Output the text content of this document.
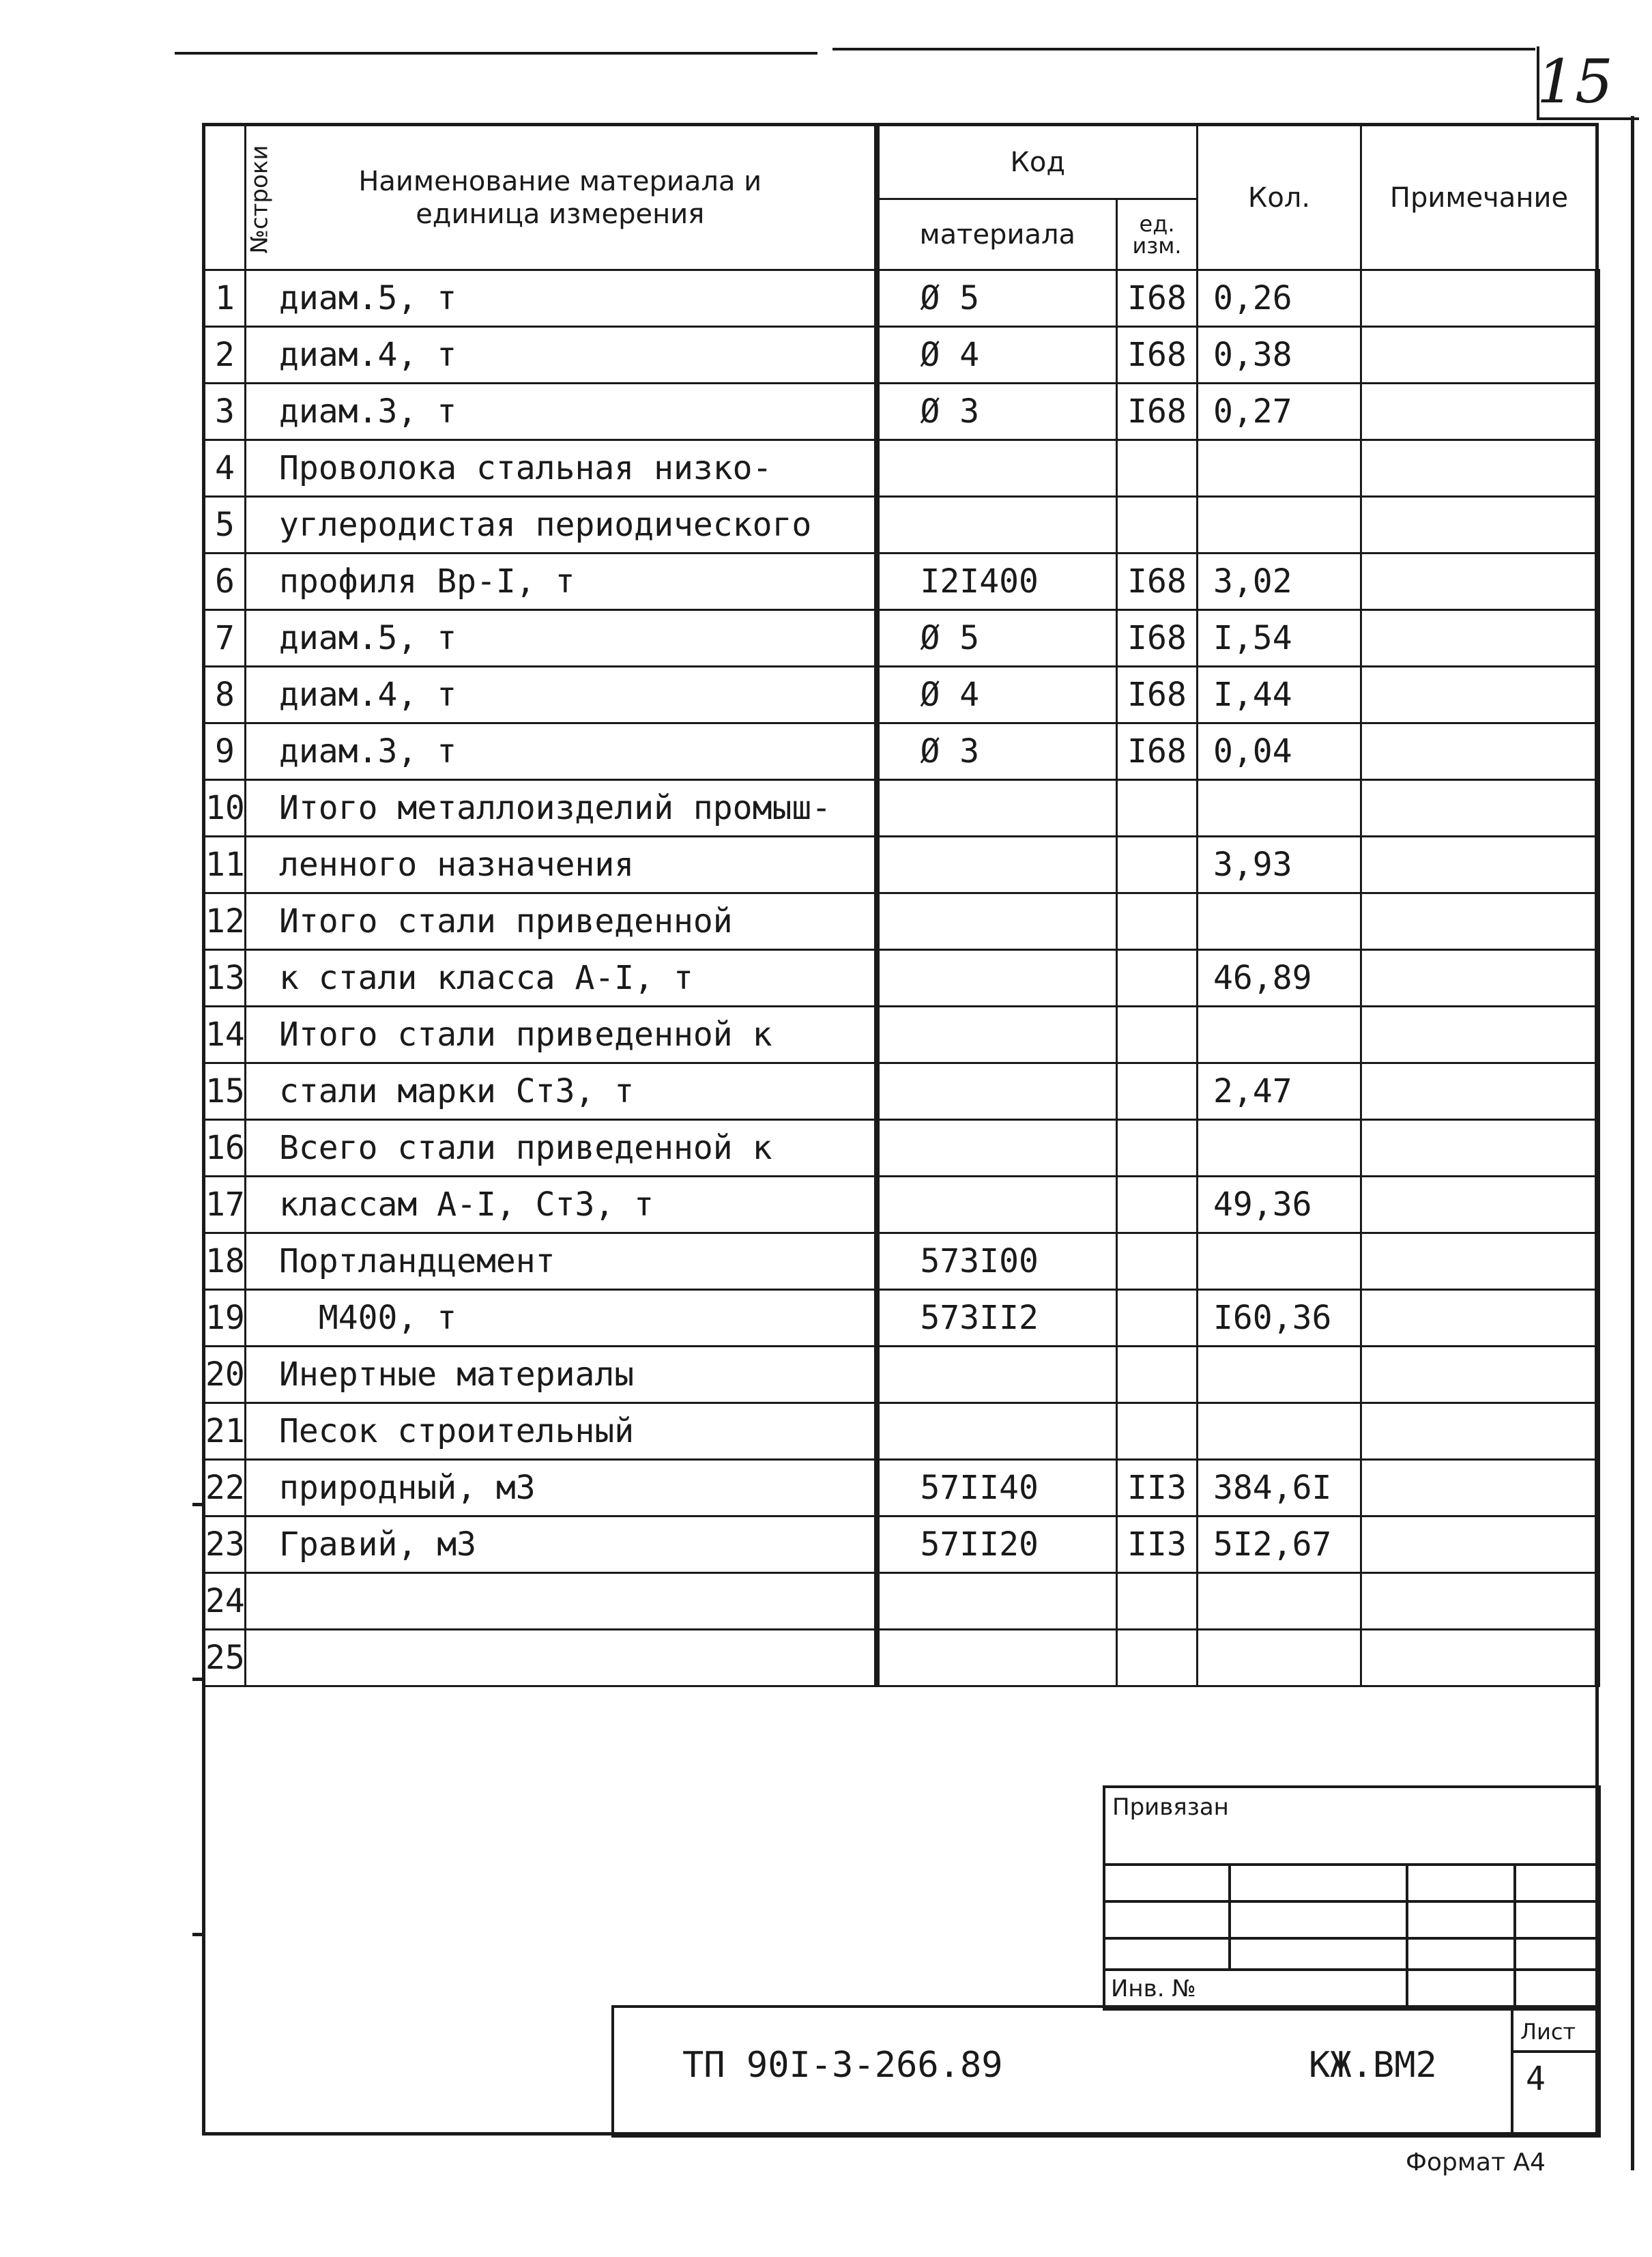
15
№строки	Наименование материала и единица измерения	Код		Кол.	Примечание
		материала	ед. изм.		
1	диам.5, т	Ø 5	I68	0,26	
2	диам.4, т	Ø 4	I68	0,38	
3	диам.3, т	Ø 3	I68	0,27	
4	Проволока стальная низко-				
5	углеродистая периодического				
6	профиля Вр-I, т	I2I400	I68	3,02	
7	диам.5, т	Ø 5	I68	I,54	
8	диам.4, т	Ø 4	I68	I,44	
9	диам.3, т	Ø 3	I68	0,04	
10	Итого металлоизделий промыш-				
11	ленного назначения			3,93	
12	Итого стали приведенной				
13	к стали класса А-I, т			46,89	
14	Итого стали приведенной к				
15	стали марки Ст3, т			2,47	
16	Всего стали приведенной к				
17	классам А-I, Ст3, т			49,36	
18	Портландцемент	573I00			
19	М400, т	573II2		I60,36	
20	Инертные материалы				
21	Песок строительный				
22	природный, м3	57II40	II3	384,6I	
23	Гравий, м3	57II20	II3	5I2,67	
24					
25					
Привязан
Инв. №
ТП 90I-3-266.89	КЖ.ВМ2
Лист
4
Формат А4
